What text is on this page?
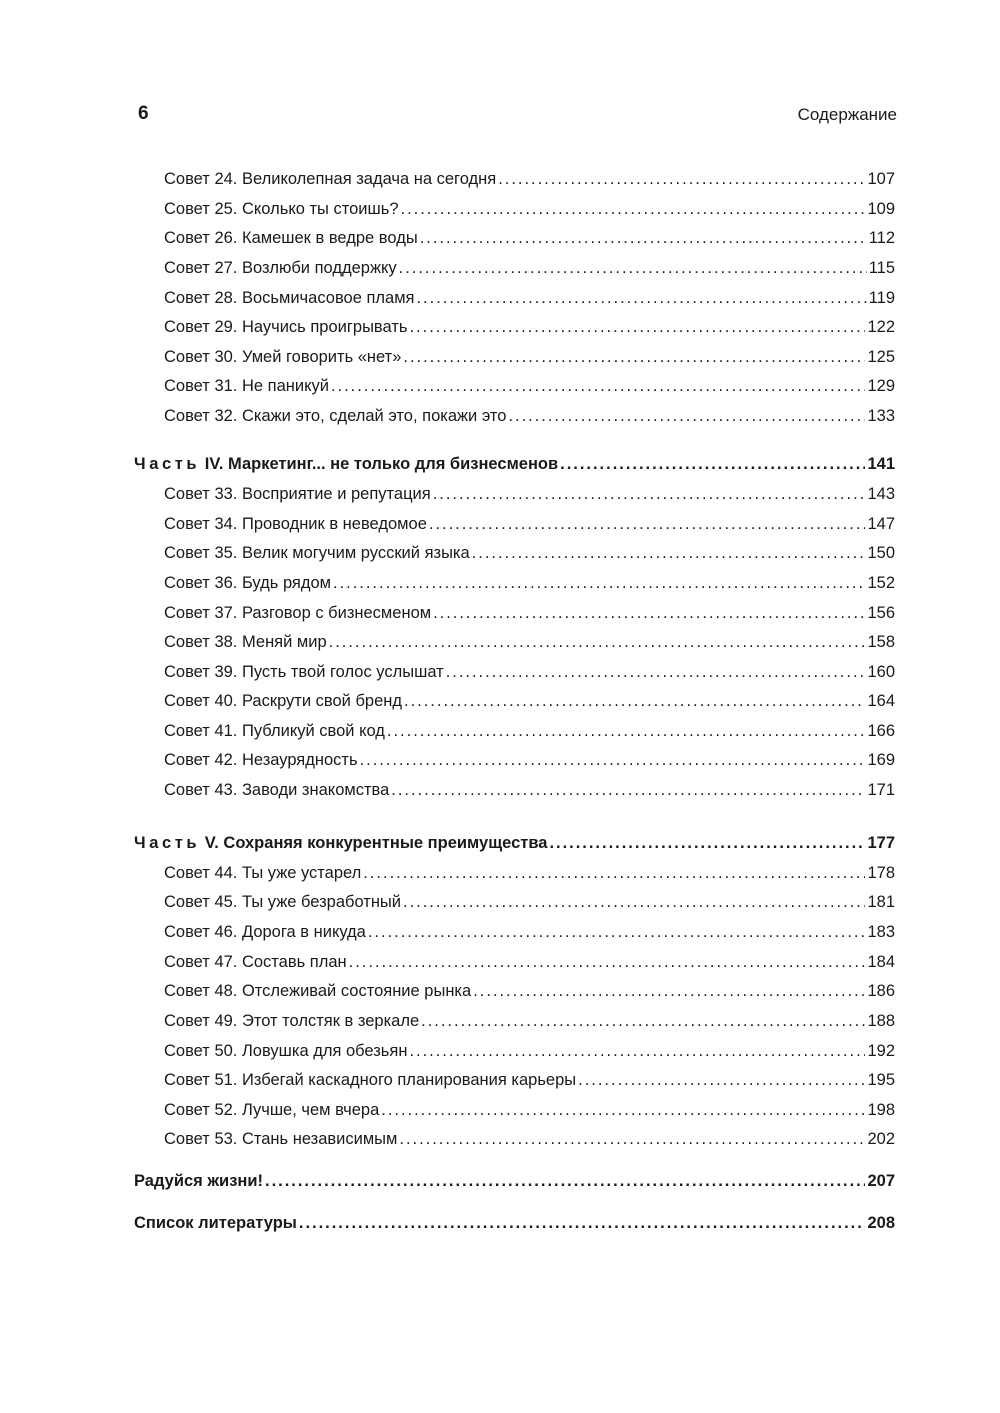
6	Содержание
Совет 24. Великолепная задача на сегодня . . .	107
Совет 25. Сколько ты стоишь? . . .	109
Совет 26. Камешек в ведре воды . . .	112
Совет 27. Возлюби поддержку . . .	115
Совет 28. Восьмичасовое пламя . . .	119
Совет 29. Научись проигрывать . . .	122
Совет 30. Умей говорить «нет» . . .	125
Совет 31. Не паникуй . . .	129
Совет 32. Скажи это, сделай это, покажи это . . .	133
Часть IV. Маркетинг... не только для бизнесменов . . .	141
Совет 33. Восприятие и репутация . . .	143
Совет 34. Проводник в неведомое . . .	147
Совет 35. Велик могучим русский языка . . .	150
Совет 36. Будь рядом . . .	152
Совет 37. Разговор с бизнесменом . . .	156
Совет 38. Меняй мир . . .	158
Совет 39. Пусть твой голос услышат . . .	160
Совет 40. Раскрути свой бренд . . .	164
Совет 41. Публикуй свой код . . .	166
Совет 42. Незаурядность . . .	169
Совет 43. Заводи знакомства . . .	171
Часть V. Сохраняя конкурентные преимущества . . .	177
Совет 44. Ты уже устарел . . .	178
Совет 45. Ты уже безработный . . .	181
Совет 46. Дорога в никуда . . .	183
Совет 47. Составь план . . .	184
Совет 48. Отслеживай состояние рынка . . .	186
Совет 49. Этот толстяк в зеркале . . .	188
Совет 50. Ловушка для обезьян . . .	192
Совет 51. Избегай каскадного планирования карьеры . . .	195
Совет 52. Лучше, чем вчера . . .	198
Совет 53. Стань независимым . . .	202
Радуйся жизни! . . .	207
Список литературы . . .	208
